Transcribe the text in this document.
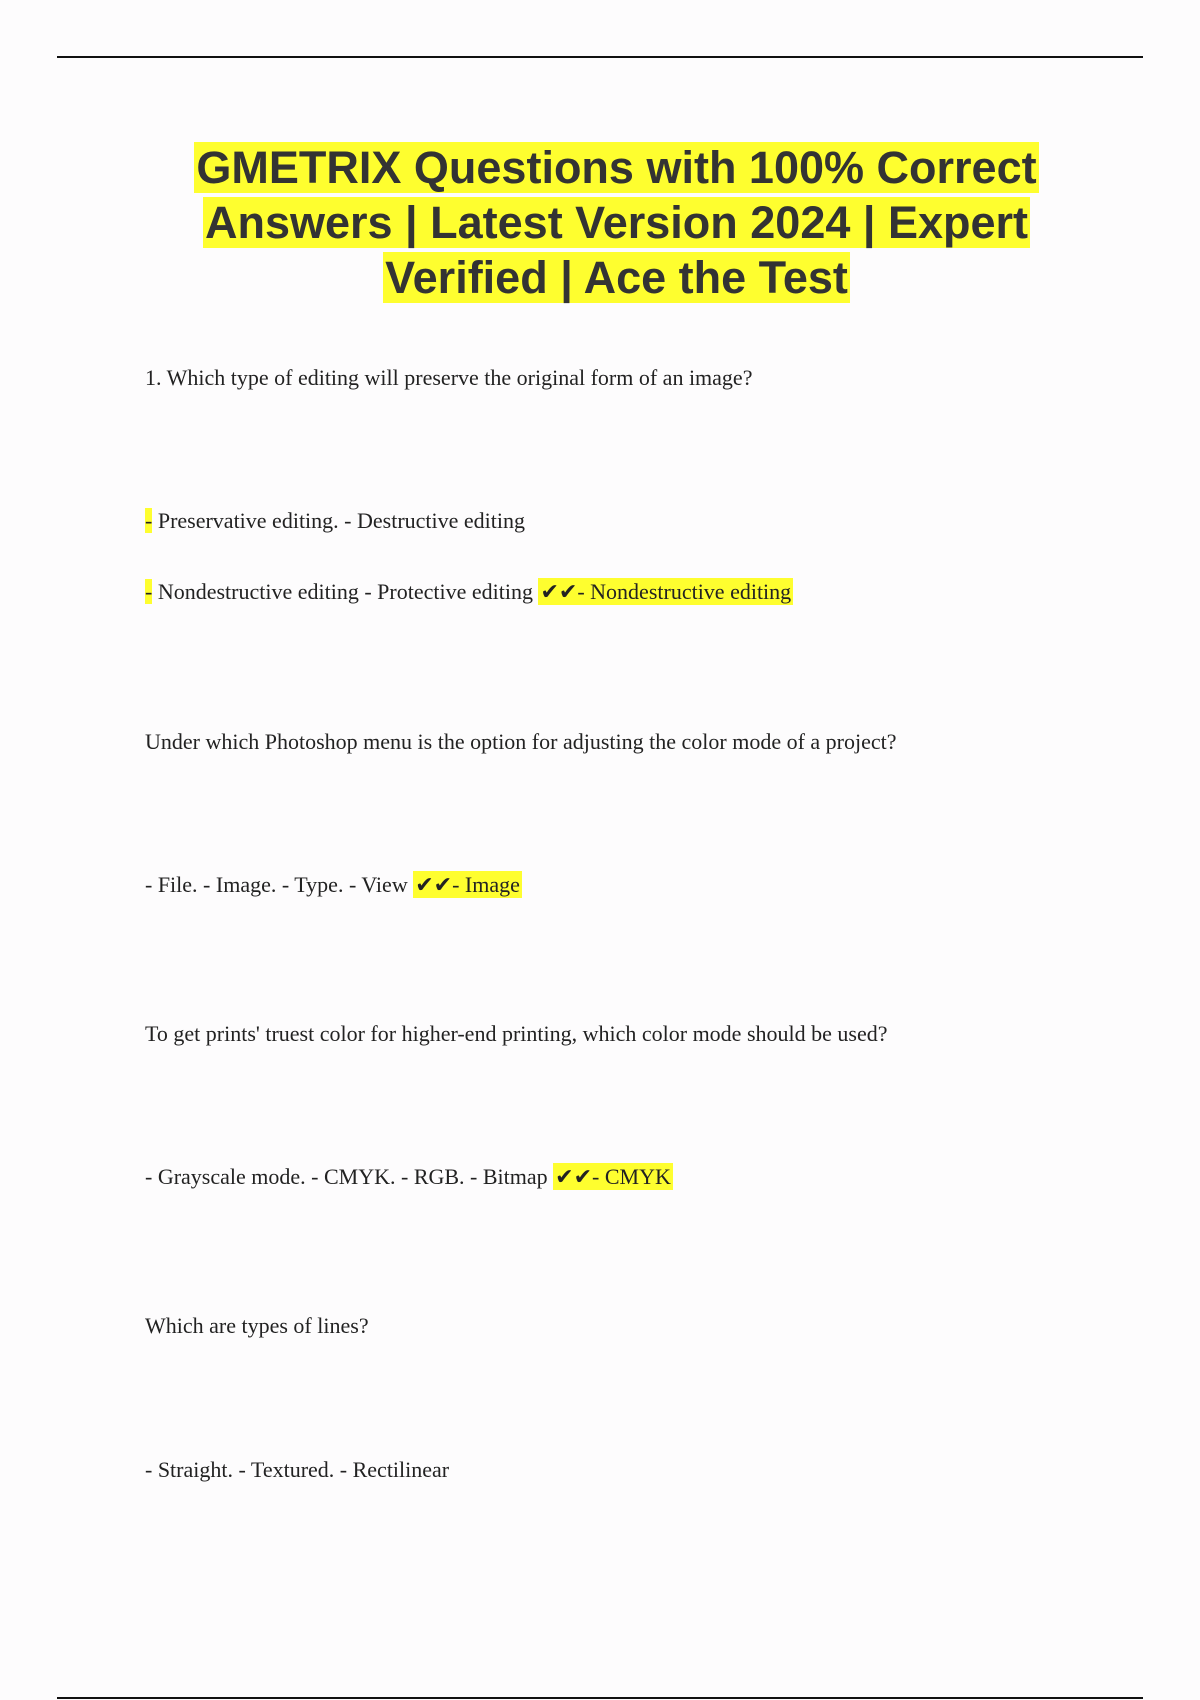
GMETRIX Questions with 100% Correct Answers | Latest Version 2024 | Expert Verified | Ace the Test
1. Which type of editing will preserve the original form of an image?
- Preservative editing. - Destructive editing
- Nondestructive editing - Protective editing ✔✔- Nondestructive editing
Under which Photoshop menu is the option for adjusting the color mode of a project?
- File. - Image. - Type. - View ✔✔- Image
To get prints' truest color for higher-end printing, which color mode should be used?
- Grayscale mode. - CMYK. - RGB. - Bitmap ✔✔- CMYK
Which are types of lines?
- Straight. - Textured. - Rectilinear
